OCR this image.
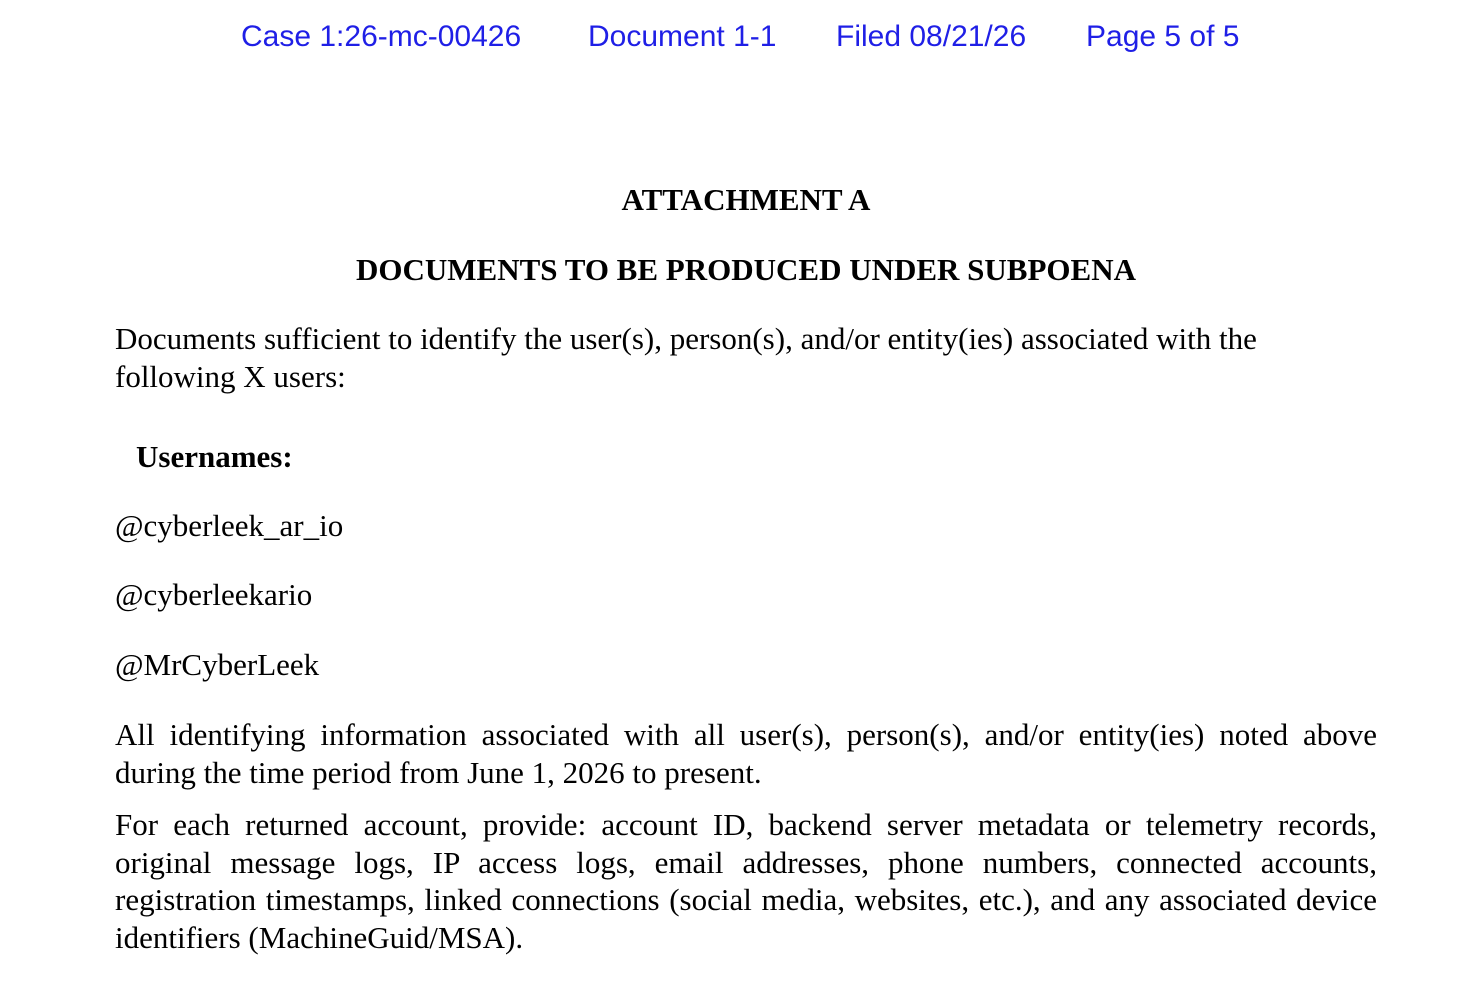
Case 1:26-mc-00426 Document 1-1 Filed 08/21/26 Page 5 of 5
ATTACHMENT A
DOCUMENTS TO BE PRODUCED UNDER SUBPOENA
Documents sufficient to identify the user(s), person(s), and/or entity(ies) associated with the following X users:
Usernames:
@cyberleek_ar_io
@cyberleekario
@MrCyberLeek
All identifying information associated with all user(s), person(s), and/or entity(ies) noted above during the time period from June 1, 2026 to present.
For each returned account, provide: account ID, backend server metadata or telemetry records, original message logs, IP access logs, email addresses, phone numbers, connected accounts, registration timestamps, linked connections (social media, websites, etc.), and any associated device identifiers (MachineGuid/MSA).
